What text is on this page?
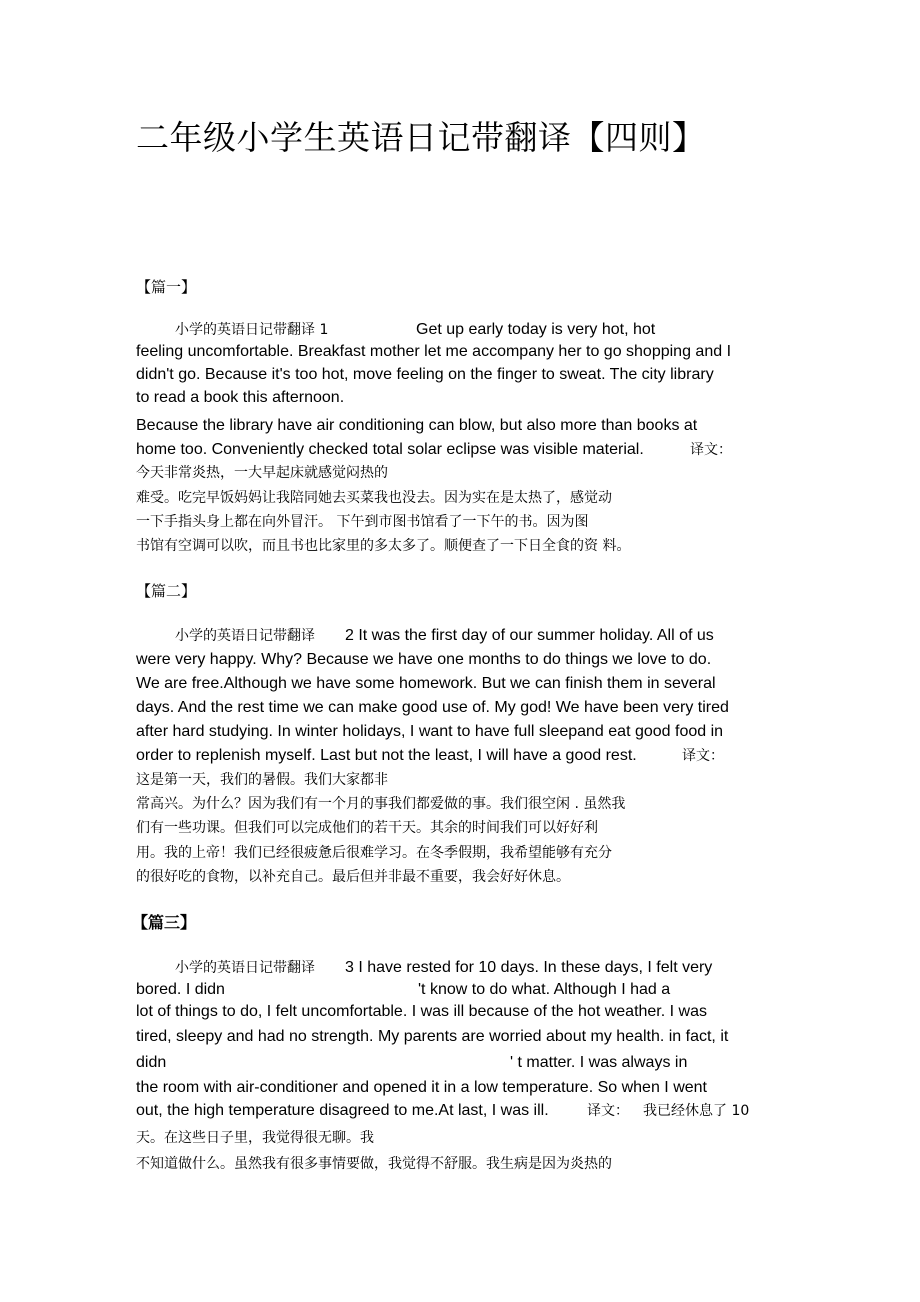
二年级小学生英语日记带翻译【四则】
【篇一】
小学的英语日记带翻译 1	Get up early today is very hot, hot
feeling uncomfortable. Breakfast mother let me accompany her to go shopping and I
didn't go. Because it's too hot, move feeling on the finger to sweat. The city library
to read a book this afternoon.
Because the library have air conditioning can blow, but also more than books at
home too. Conveniently checked total solar eclipse was visible material.	译文：
今天非常炎热，一大早起床就感觉闷热的
难受。吃完早饭妈妈让我陪同她去买菜我也没去。因为实在是太热了，感觉动
一下手指头身上都在向外冒汗。 下午到市图书馆看了一下午的书。因为图
书馆有空调可以吹，而且书也比家里的多太多了。顺便查了一下日全食的资 料。
【篇二】
小学的英语日记带翻译 2 It was the first day of our summer holiday. All of us
were very happy. Why? Because we have one months to do things we love to do.
We are free.Although we have some homework. But we can finish them in several
days. And the rest time we can make good use of. My god! We have been very tired
after hard studying. In winter holidays, I want to have full sleepand eat good food in
order to replenish myself. Last but not the least, I will have a good rest.	译文：
这是第一天，我们的暑假。我们大家都非
常高兴。为什么？因为我们有一个月的事我们都爱做的事。我们很空闲 . 虽然我
们有一些功课。但我们可以完成他们的若干天。其余的时间我们可以好好利
用。我的上帝！我们已经很疲惫后很难学习。在冬季假期，我希望能够有充分
的很好吃的食物，以补充自己。最后但并非最不重要，我会好好休息。
【篇三】
小学的英语日记带翻译 3 I have rested for 10 days. In these days, I felt very
bored. I didn	't know to do what. Although I had a
lot of things to do, I felt uncomfortable. I was ill because of the hot weather. I was
tired, sleepy and had no strength. My parents are worried about my health. in fact, it
didn	' t matter. I was always in
the room with air-conditioner and opened it in a low temperature. So when I went
out, the high temperature disagreed to me.At last, I was ill.	译文： 我已经休息了 10
天。在这些日子里，我觉得很无聊。我
不知道做什么。虽然我有很多事情要做，我觉得不舒服。我生病是因为炎热的
